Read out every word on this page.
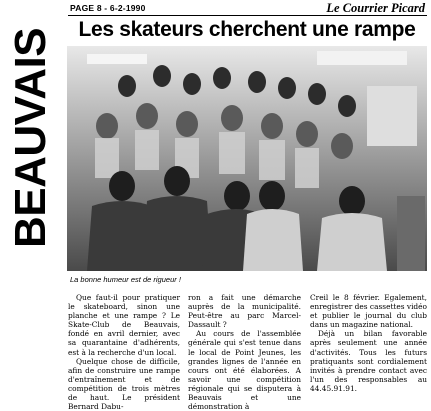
PAGE 8 - 6-2-1990	Le Courrier Picard
BEAUVAIS	Les skateurs cherchent une rampe
La bonne humeur est de rigueur !

Que faut-il pour pratiquer le skateboard, sinon une planche et une rampe ? Le Skate-Club de Beauvais, fondé en avril dernier, avec sa quarantaine d'adhérents, est à la recherche d'un local.

Quelque chose de difficile, afin de construire une rampe d'entraînement et de compétition de trois mètres de haut. Le président Bernard Dabu-

ron a fait une démarche auprès de la municipalité. Peut-être au parc Marcel-Dassault ?

Au cours de l'assemblée générale qui s'est tenue dans le local de Point Jeunes, les grandes lignes de l'année en cours ont été élaborées. A savoir une compétition régionale qui se disputera à Beauvais et une démonstration à

Creil le 8 février. Egalement, enregistrer des cassettes vidéo et publier le journal du club dans un magazine national.

Déjà un bilan favorable après seulement une année d'activités. Tous les futurs pratiquants sont cordialement invités à prendre contact avec l'un des responsables au 44.45.91.91.
